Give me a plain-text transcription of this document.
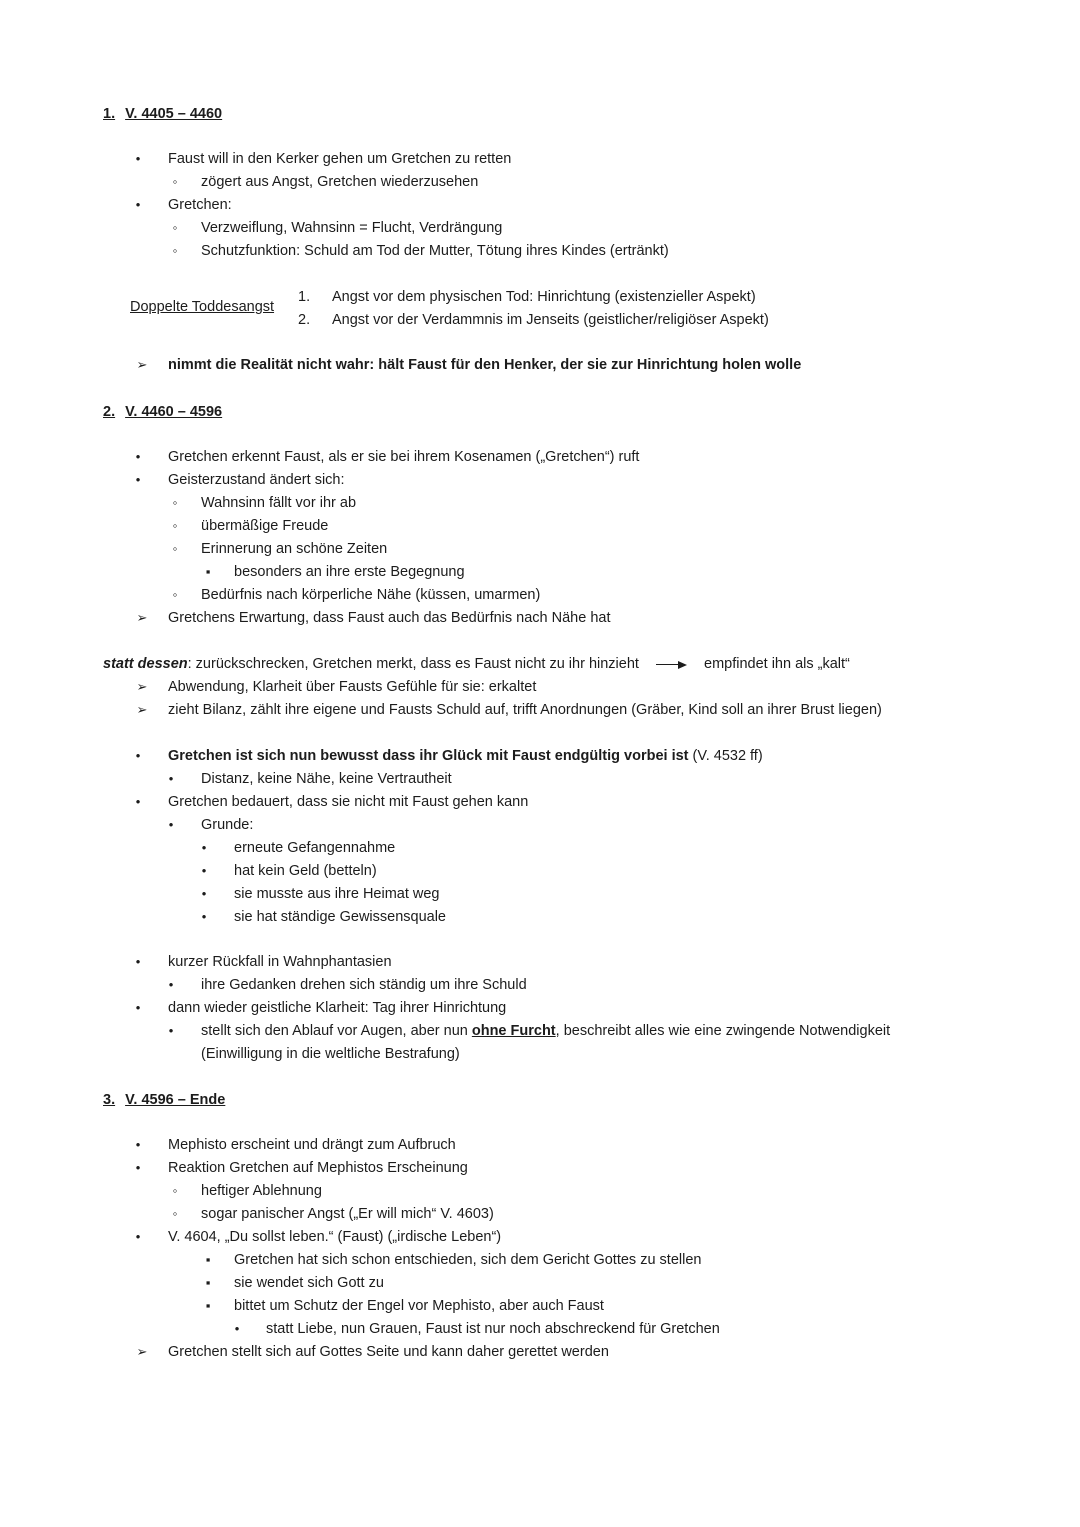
1. V. 4405 – 4460
•	Faust will in den Kerker gehen um Gretchen zu retten
◦	zögert aus Angst, Gretchen wiederzusehen
•	Gretchen:
◦	Verzweiflung, Wahnsinn = Flucht, Verdrängung
◦	Schutzfunktion: Schuld am Tod der Mutter, Tötung ihres Kindes (ertränkt)
Doppelte Toddesangst
1. Angst vor dem physischen Tod: Hinrichtung (existenzieller Aspekt)
2. Angst vor der Verdammnis im Jenseits (geistlicher/religiöser Aspekt)
➢	nimmt die Realität nicht wahr: hält Faust für den Henker, der sie zur Hinrichtung holen wolle
2. V. 4460 – 4596
•	Gretchen erkennt Faust, als er sie bei ihrem Kosenamen („Gretchen“) ruft
•	Geisterzustand ändert sich:
◦	Wahnsinn fällt vor ihr ab
◦	übermäßige Freude
◦	Erinnerung an schöne Zeiten
▪	besonders an ihre erste Begegnung
◦	Bedürfnis nach körperliche Nähe (küssen, umarmen)
➢	Gretchens Erwartung, dass Faust auch das Bedürfnis nach Nähe hat
statt dessen: zurückschrecken, Gretchen merkt, dass es Faust nicht zu ihr hinzieht	empfindet ihn als „kalt“
➢	Abwendung, Klarheit über Fausts Gefühle für sie: erkaltet
➢	zieht Bilanz, zählt ihre eigene und Fausts Schuld auf, trifft Anordnungen (Gräber, Kind soll an ihrer Brust liegen)
•	Gretchen ist sich nun bewusst dass ihr Glück mit Faust endgültig vorbei ist (V. 4532 ff)
•	Distanz, keine Nähe, keine Vertrautheit
•	Gretchen bedauert, dass sie nicht mit Faust gehen kann
•	Grunde:
•	erneute Gefangennahme
•	hat kein Geld (betteln)
•	sie musste aus ihre Heimat weg
•	sie hat ständige Gewissensquale
•	kurzer Rückfall in Wahnphantasien
•	ihre Gedanken drehen sich ständig um ihre Schuld
•	dann wieder geistliche Klarheit: Tag ihrer Hinrichtung
•	stellt sich den Ablauf vor Augen, aber nun ohne Furcht, beschreibt alles wie eine zwingende Notwendigkeit
(Einwilligung in die weltliche Bestrafung)
3. V. 4596 – Ende
•	Mephisto erscheint und drängt zum Aufbruch
•	Reaktion Gretchen auf Mephistos Erscheinung
◦	heftiger Ablehnung
◦	sogar panischer Angst („Er will mich“ V. 4603)
•	V. 4604, „Du sollst leben.“ (Faust) („irdische Leben“)
▪	Gretchen hat sich schon entschieden, sich dem Gericht Gottes zu stellen
▪	sie wendet sich Gott zu
▪	bittet um Schutz der Engel vor Mephisto, aber auch Faust
•	statt Liebe, nun Grauen, Faust ist nur noch abschreckend für Gretchen
➢	Gretchen stellt sich auf Gottes Seite und kann daher gerettet werden
